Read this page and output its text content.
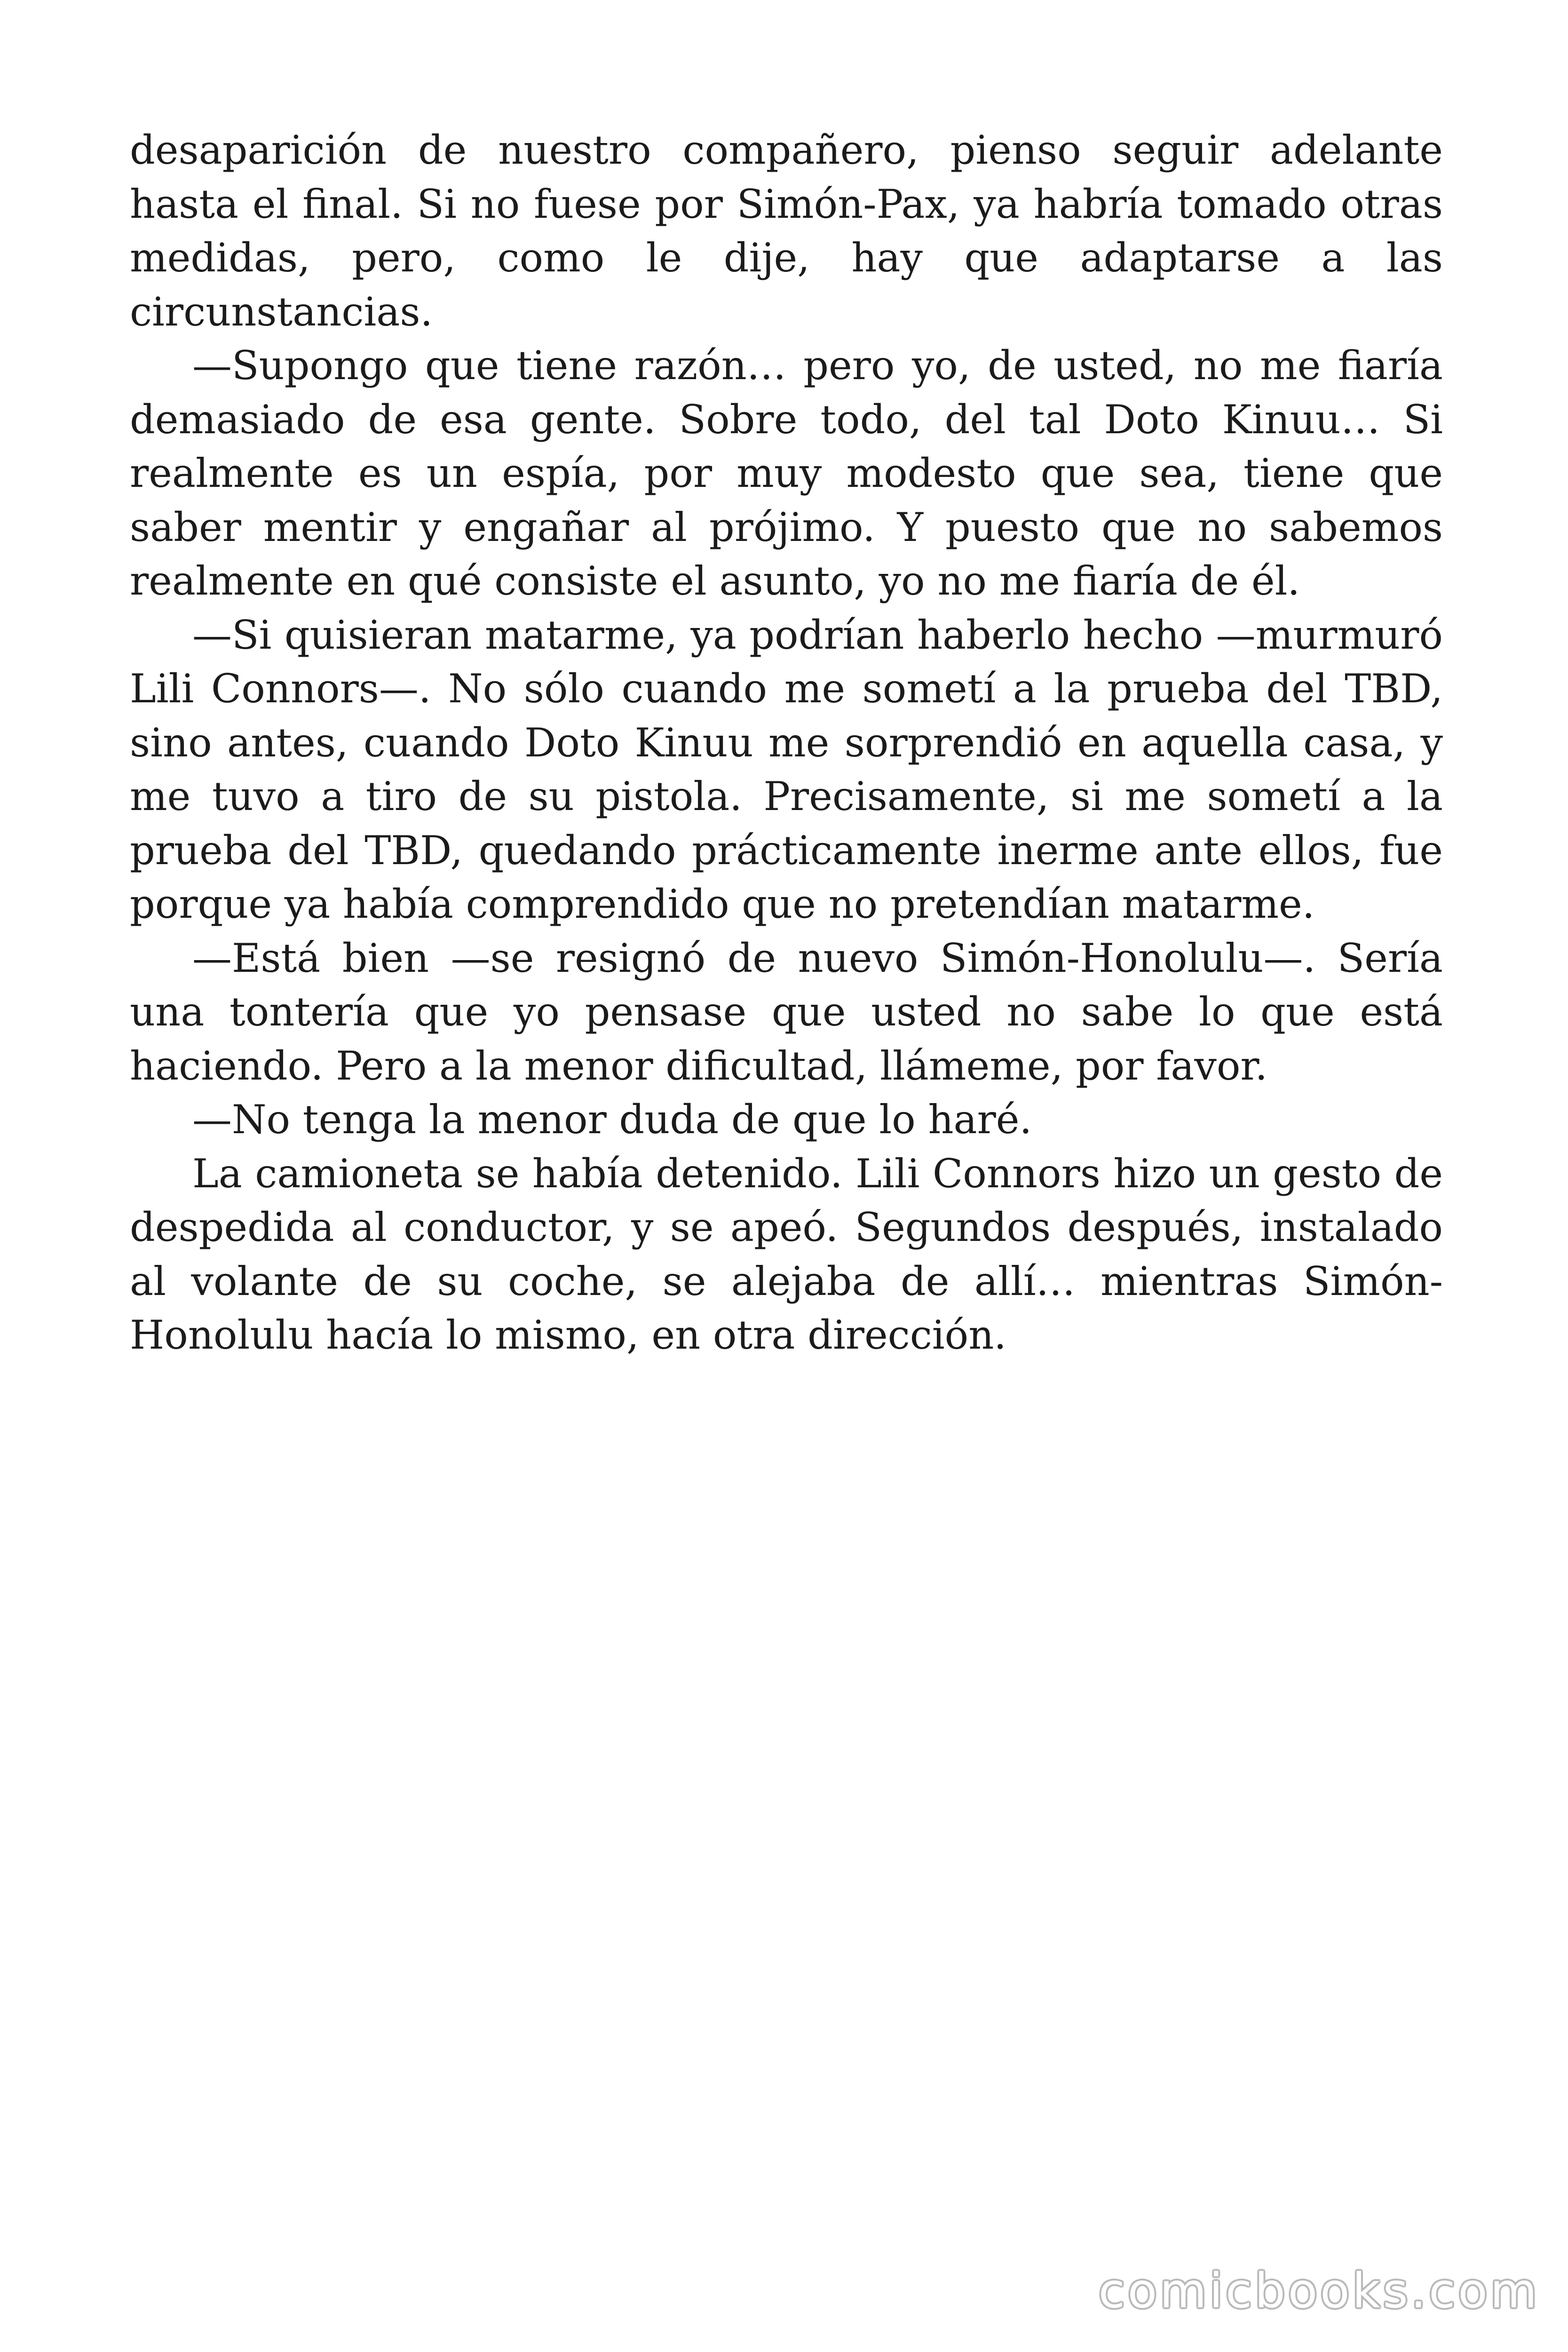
desaparición de nuestro compañero, pienso seguir adelante hasta el final. Si no fuese por Simón-Pax, ya habría tomado otras medidas, pero, como le dije, hay que adaptarse a las circunstancias.

—Supongo que tiene razón… pero yo, de usted, no me fiaría demasiado de esa gente. Sobre todo, del tal Doto Kinuu… Si realmente es un espía, por muy modesto que sea, tiene que saber mentir y engañar al prójimo. Y puesto que no sabemos realmente en qué consiste el asunto, yo no me fiaría de él.

—Si quisieran matarme, ya podrían haberlo hecho —murmuró Lili Connors—. No sólo cuando me sometí a la prueba del TBD, sino antes, cuando Doto Kinuu me sorprendió en aquella casa, y me tuvo a tiro de su pistola. Precisamente, si me sometí a la prueba del TBD, quedando prácticamente inerme ante ellos, fue porque ya había comprendido que no pretendían matarme.

—Está bien —se resignó de nuevo Simón-Honolulu—. Sería una tontería que yo pensase que usted no sabe lo que está haciendo. Pero a la menor dificultad, llámeme, por favor.

—No tenga la menor duda de que lo haré.

La camioneta se había detenido. Lili Connors hizo un gesto de despedida al conductor, y se apeó. Segundos después, instalado al volante de su coche, se alejaba de allí… mientras Simón-Honolulu hacía lo mismo, en otra dirección.

comicbooks.com
